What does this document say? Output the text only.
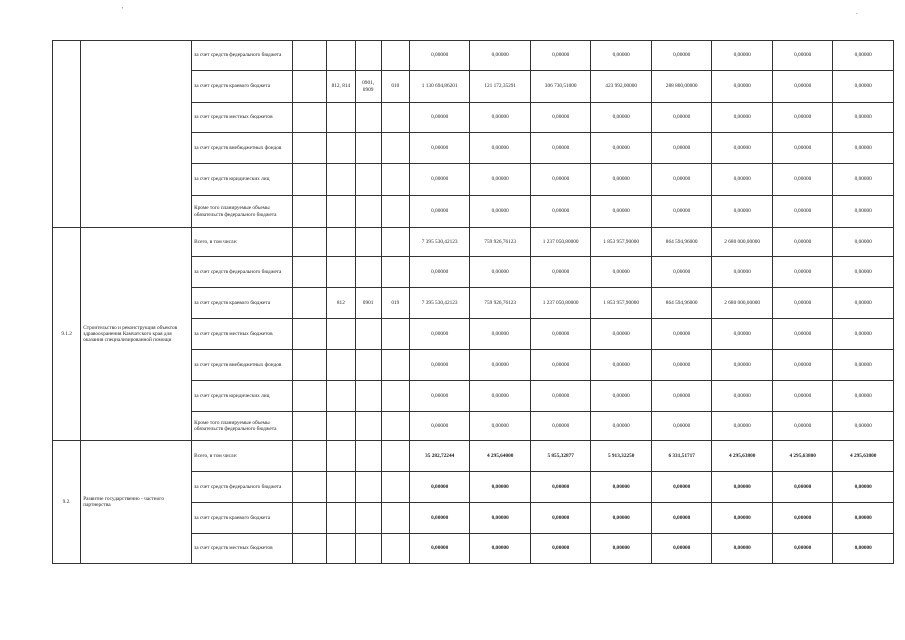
'	.
		за счет средств федерального бюджета					0,00000	0,00000	0,00000	0,00000	0,00000	0,00000	0,00000	0,00000
		за счет средств краевого бюджета		812, 814	0901, 0909	010	1 130 694,86201	121 172,35291	306 730,51000	423 992,00000	288 800,00000	0,00000	0,00000	0,00000
		за счет средств местных бюджетов					0,00000	0,00000	0,00000	0,00000	0,00000	0,00000	0,00000	0,00000
		за счет средств внебюджетных фондов					0,00000	0,00000	0,00000	0,00000	0,00000	0,00000	0,00000	0,00000
		за счет средств юридических лиц					0,00000	0,00000	0,00000	0,00000	0,00000	0,00000	0,00000	0,00000
		Кроме того планируемые объемы обязательств федерального бюджета					0,00000	0,00000	0,00000	0,00000	0,00000	0,00000	0,00000	0,00000
9.1.2	Строительство и реконструкция объектов здравоохранения Камчатского края для оказания специализированной помощи	Всего, в том числе:					7 395 530,42123	759 926,76123	1 237 050,80000	1 853 957,90000	864 594,96000	2 680 000,00000	0,00000	0,00000
		за счет средств федерального бюджета					0,00000	0,00000	0,00000	0,00000	0,00000	0,00000	0,00000	0,00000
		за счет средств краевого бюджета		812	0901	019	7 395 530,42123	759 926,76123	1 237 050,80000	1 853 957,90000	864 594,96000	2 680 000,00000	0,00000	0,00000
		за счет средств местных бюджетов					0,00000	0,00000	0,00000	0,00000	0,00000	0,00000	0,00000	0,00000
		за счет средств внебюджетных фондов					0,00000	0,00000	0,00000	0,00000	0,00000	0,00000	0,00000	0,00000
		за счет средств юридических лиц					0,00000	0,00000	0,00000	0,00000	0,00000	0,00000	0,00000	0,00000
		Кроме того планируемые объемы обязательств федерального бюджета					0,00000	0,00000	0,00000	0,00000	0,00000	0,00000	0,00000	0,00000
9.2.	Развитие государственно - частного партнерства	Всего, в том числе:					35 282,72244	4 295,64000	5 855,32877	5 913,32250	6 331,51717	4 295,63800	4 295,63800	4 295,63800
		за счет средств федерального бюджета					0,00000	0,00000	0,00000	0,00000	0,00000	0,00000	0,00000	0,00000
		за счет средств краевого бюджета					0,00000	0,00000	0,00000	0,00000	0,00000	0,00000	0,00000	0,00000
		за счет средств местных бюджетов					0,00000	0,00000	0,00000	0,00000	0,00000	0,00000	0,00000	0,00000
